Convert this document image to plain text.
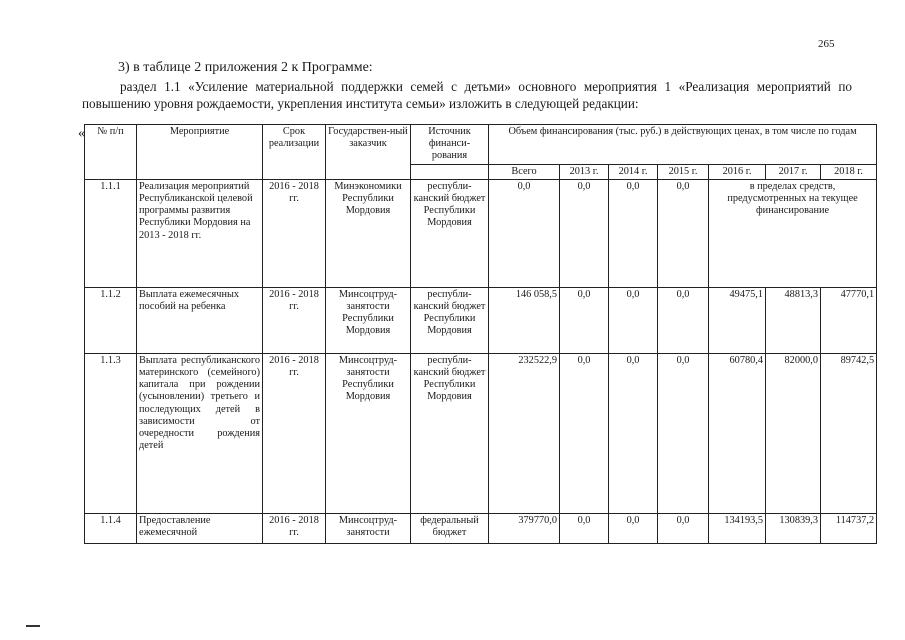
265
3) в таблице 2 приложения 2 к Программе:
раздел 1.1 «Усиление материальной поддержки семей с детьми» основного мероприятия 1 «Реализация мероприятий по повышению уровня рождаемости, укрепления института семьи» изложить в следующей редакции:
« № п/п	Мероприятие	Срок реализации	Государствен-ный заказчик	Источник финанси-рования	Объем финансирования (тыс. руб.) в действующих ценах, в том числе по годам						
					Всего	2013 г.	2014 г.	2015 г.	2016 г.	2017 г.	2018 г.
1.1.1	Реализация мероприятий Республиканской целевой программы развития Республики Мордовия на 2013 - 2018 гг.	2016 - 2018 гг.	Минэкономики Республики Мордовия	республи-канский бюджет Республики Мордовия	0,0	0,0	0,0	0,0	в пределах средств, предусмотренных на текущее финансирование		
1.1.2	Выплата ежемесячных пособий на ребенка	2016 - 2018 гг.	Минсоцтруд-занятости Республики Мордовия	республи-канский бюджет Республики Мордовия	146 058,5	0,0	0,0	0,0	49475,1	48813,3	47770,1
1.1.3	Выплата республиканского материнского (семейного) капитала при рождении (усыновлении) третьего и последующих детей в зависимости от очередности рождения детей	2016 - 2018 гг.	Минсоцтруд-занятости Республики Мордовия	республи-канский бюджет Республики Мордовия	232522,9	0,0	0,0	0,0	60780,4	82000,0	89742,5
1.1.4	Предоставление ежемесячной	2016 - 2018 гг.	Минсоцтруд-занятости	федеральный бюджет	379770,0	0,0	0,0	0,0	134193,5	130839,3	114737,2
